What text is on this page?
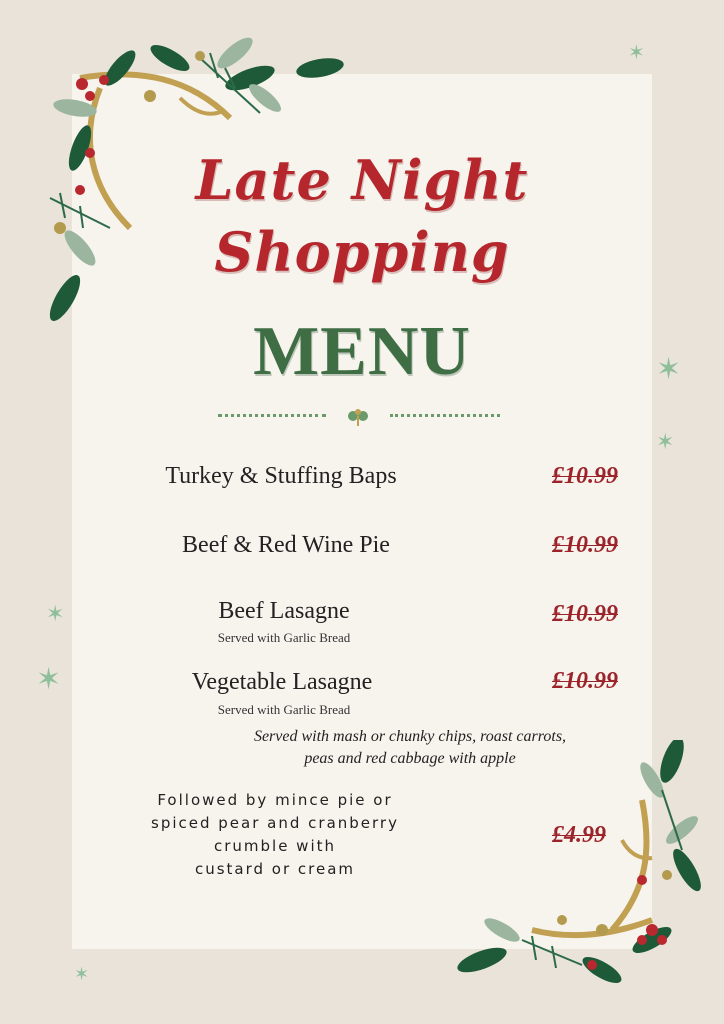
✶
✶
✶
✶
✶
✶
Late Night
Shopping
MENU
Turkey & Stuffing Baps	£10.99
Beef & Red Wine Pie	£10.99
Beef Lasagne
Served with Garlic Bread
£10.99
Vegetable Lasagne
Served with Garlic Bread
£10.99
Served with mash or chunky chips, roast carrots,
peas and red cabbage with apple
Followed by mince pie or
spiced pear and cranberry
crumble with
custard or cream
£4.99
